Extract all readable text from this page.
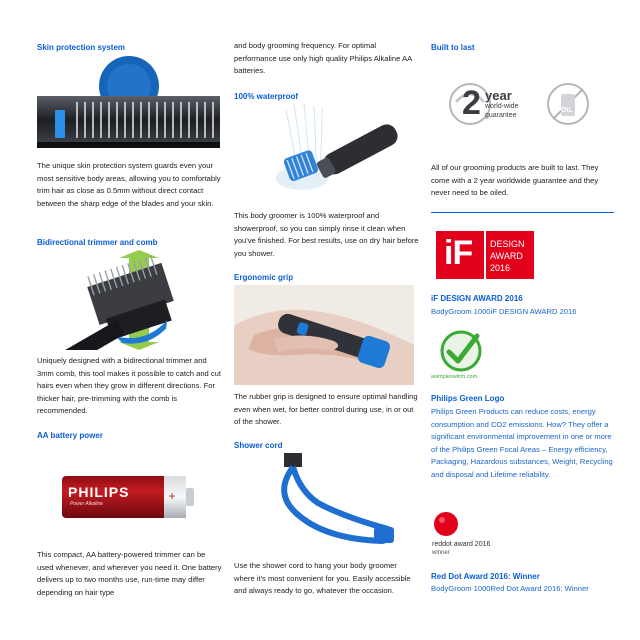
Skin protection system
The unique skin protection system guards even your most sensitive body areas, allowing you to comfortably trim hair as close as 0.5mm without direct contact between the sharp edge of the blades and your skin.
Bidirectional trimmer and comb
Uniquely designed with a bidirectional trimmer and 3mm comb, this tool makes it possible to catch and cut hairs even when they grow in different directions. For thicker hair, pre-trimming with the comb is recommended.
AA battery power
+
PHILIPS
Power Alkaline
This compact, AA battery-powered trimmer can be used whenever, and wherever you need it. One battery delivers up to two months use, run-time may differ depending on hair type
and body grooming frequency. For optimal performance use only high quality Philips Alkaline AA batteries.
100% waterproof
This body groomer is 100% waterproof and showerproof, so you can simply rinse it clean when you've finished. For best results, use on dry hair before you shower.
Ergonomic grip
The rubber grip is designed to ensure optimal handling even when wet, for better control during use, in or out of the shower.
Shower cord
Use the shower cord to hang your body groomer where it's most convenient for you. Easily accessible and always ready to go, whatever the occasion.
Built to last
2 year
world-wide
guarantee
OIL
All of our grooming products are built to last. They come with a 2 year worldwide guarantee and they never need to be oiled.
iF DESIGN
AWARD
2016
iF DESIGN AWARD 2016
BodyGroom 1000iF DESIGN AWARD 2016
asimpleswitch.com
Philips Green Logo
Philips Green Products can reduce costs, energy consumption and CO2 emissions. How? They offer a significant environmental improvement in one or more of the Philips Green Focal Areas – Energy efficiency, Packaging, Hazardous substances, Weight, Recycling and disposal and Lifetime reliability.
reddot award 2016
winner
Red Dot Award 2016: Winner
BodyGroom 1000Red Dot Award 2016: Winner
